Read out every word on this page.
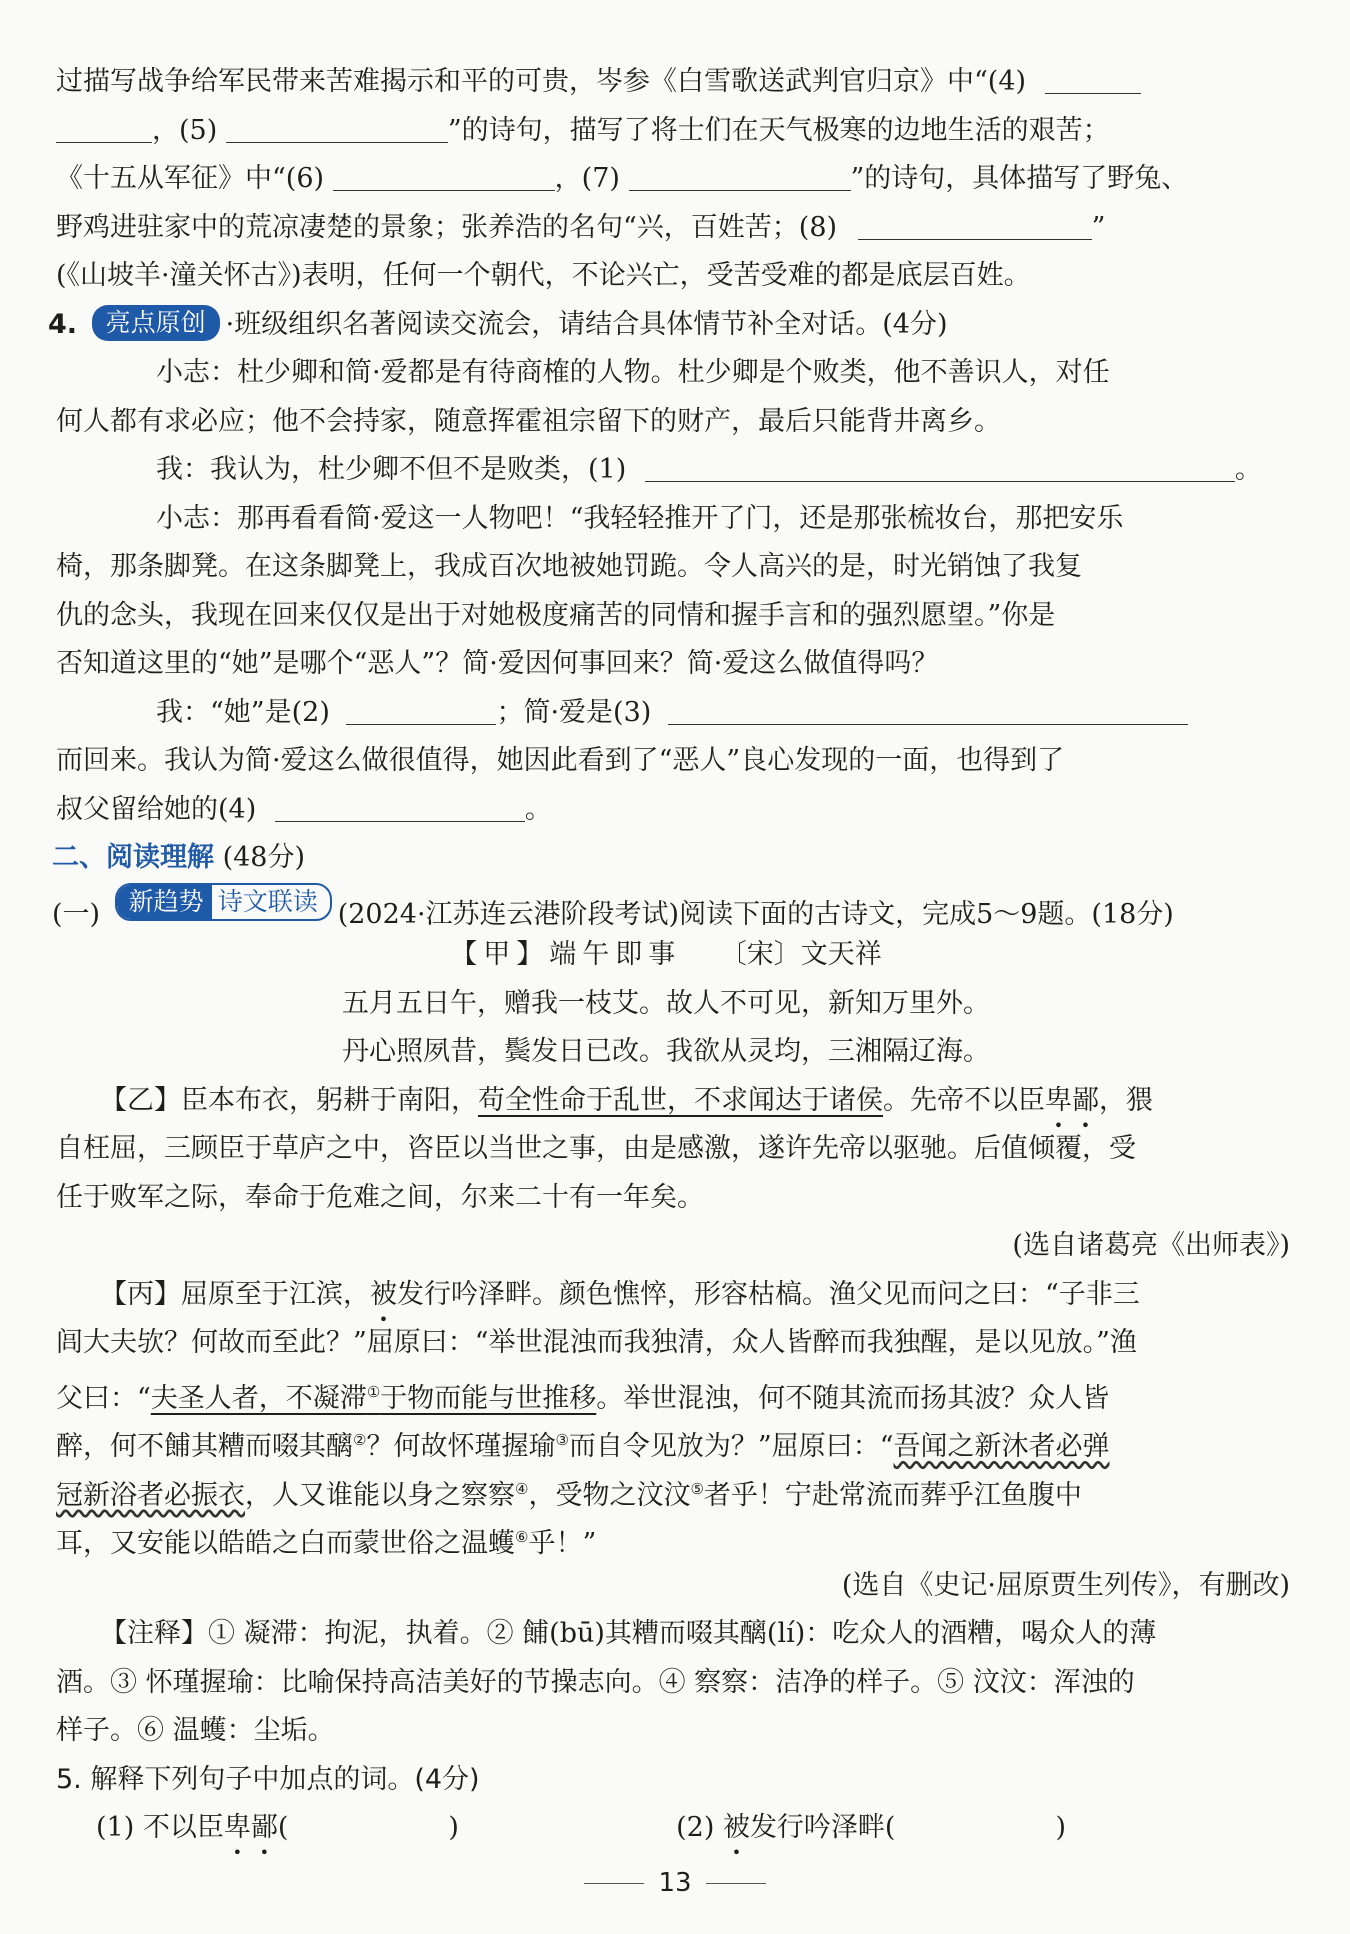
过描写战争给军民带来苦难揭示和平的可贵，岑参《白雪歌送武判官归京》中“(4)
，(5)	”的诗句，描写了将士们在天气极寒的边地生活的艰苦；
《十五从军征》中“(6)	，(7)	”的诗句，具体描写了野兔、
野鸡进驻家中的荒凉凄楚的景象；张养浩的名句“兴，百姓苦；(8)	”
(《山坡羊·潼关怀古》)表明，任何一个朝代，不论兴亡，受苦受难的都是底层百姓。
4. 亮点原创 ·班级组织名著阅读交流会，请结合具体情节补全对话。(4分)
小志：杜少卿和简·爱都是有待商榷的人物。杜少卿是个败类，他不善识人，对任
何人都有求必应；他不会持家，随意挥霍祖宗留下的财产，最后只能背井离乡。
我：我认为，杜少卿不但不是败类，(1)	。
小志：那再看看简·爱这一人物吧！“我轻轻推开了门，还是那张梳妆台，那把安乐
椅，那条脚凳。在这条脚凳上，我成百次地被她罚跪。令人高兴的是，时光销蚀了我复
仇的念头，我现在回来仅仅是出于对她极度痛苦的同情和握手言和的强烈愿望。”你是
否知道这里的“她”是哪个“恶人”？简·爱因何事回来？简·爱这么做值得吗？
我：“她”是(2)	；简·爱是(3)
而回来。我认为简·爱这么做很值得，她因此看到了“恶人”良心发现的一面，也得到了
叔父留给她的(4)	。
二、阅读理解 (48分)
(一) 新趋势 诗文联读 (2024·江苏连云港阶段考试)阅读下面的古诗文，完成5～9题。(18分)
【甲】端午即事 〔宋〕文天祥
五月五日午，赠我一枝艾。故人不可见，新知万里外。
丹心照夙昔，鬓发日已改。我欲从灵均，三湘隔辽海。
【乙】臣本布衣，躬耕于南阳，苟全性命于乱世，不求闻达于诸侯。先帝不以臣卑鄙，猥
自枉屈，三顾臣于草庐之中，咨臣以当世之事，由是感激，遂许先帝以驱驰。后值倾覆，受
任于败军之际，奉命于危难之间，尔来二十有一年矣。
(选自诸葛亮《出师表》)
【丙】屈原至于江滨，被发行吟泽畔。颜色憔悴，形容枯槁。渔父见而问之曰：“子非三
闾大夫欤？何故而至此？”屈原曰：“举世混浊而我独清，众人皆醉而我独醒，是以见放。”渔
父曰：“夫圣人者，不凝滞①于物而能与世推移。举世混浊，何不随其流而扬其波？众人皆
醉，何不餔其糟而啜其醨②？何故怀瑾握瑜③而自令见放为？”屈原曰：“吾闻之新沐者必弹
冠新浴者必振衣，人又谁能以身之察察④，受物之汶汶⑤者乎！宁赴常流而葬乎江鱼腹中
耳，又安能以皓皓之白而蒙世俗之温蠖⑥乎！”
(选自《史记·屈原贾生列传》，有删改)
【注释】① 凝滞：拘泥，执着。② 餔(bū)其糟而啜其醨(lí)：吃众人的酒糟，喝众人的薄
酒。③ 怀瑾握瑜：比喻保持高洁美好的节操志向。④ 察察：洁净的样子。⑤ 汶汶：浑浊的
样子。⑥ 温蠖：尘垢。
5. 解释下列句子中加点的词。(4分)
(1) 不以臣卑鄙(	)	(2) 被发行吟泽畔(	)
13
